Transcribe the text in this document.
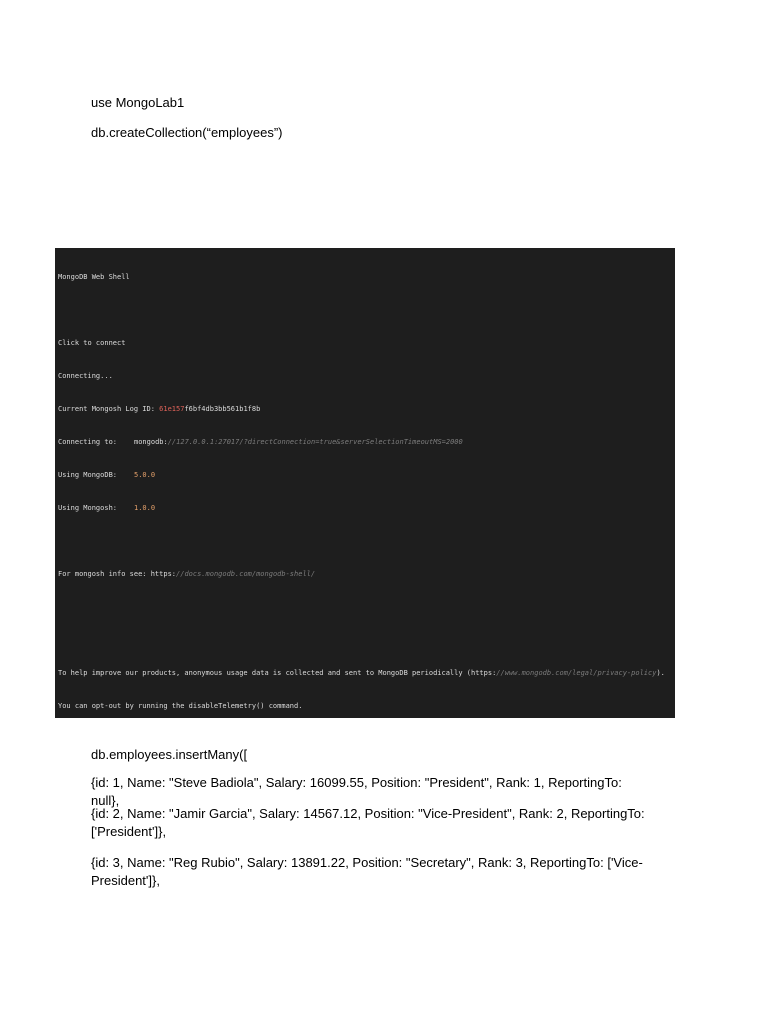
use MongoLab1
db.createCollection(“employees”)

MongoDB Web Shell

Click to connect

Connecting...

Current Mongosh Log ID: 61e157f6bf4db3bb561b1f8b

Connecting to: mongodb://127.0.0.1:27017/?directConnection=true&serverSelectionTimeoutMS=2000

Using MongoDB: 5.0.0

Using Mongosh: 1.0.0

For mongosh info see: https://docs.mongodb.com/mongodb-shell/

To help improve our products, anonymous usage data is collected and sent to MongoDB periodically (https://www.mongodb.com/legal/privacy-policy).

You can opt-out by running the disableTelemetry() command.

db.employees.insertMany([
{id: 1, Name: "Steve Badiola", Salary: 16099.55, Position: "President", Rank: 1, ReportingTo: null},
{id: 2, Name: "Jamir Garcia", Salary: 14567.12, Position: "Vice-President", Rank: 2, ReportingTo: ['President']},
{id: 3, Name: "Reg Rubio", Salary: 13891.22, Position: "Secretary", Rank: 3, ReportingTo: ['Vice-President']},
